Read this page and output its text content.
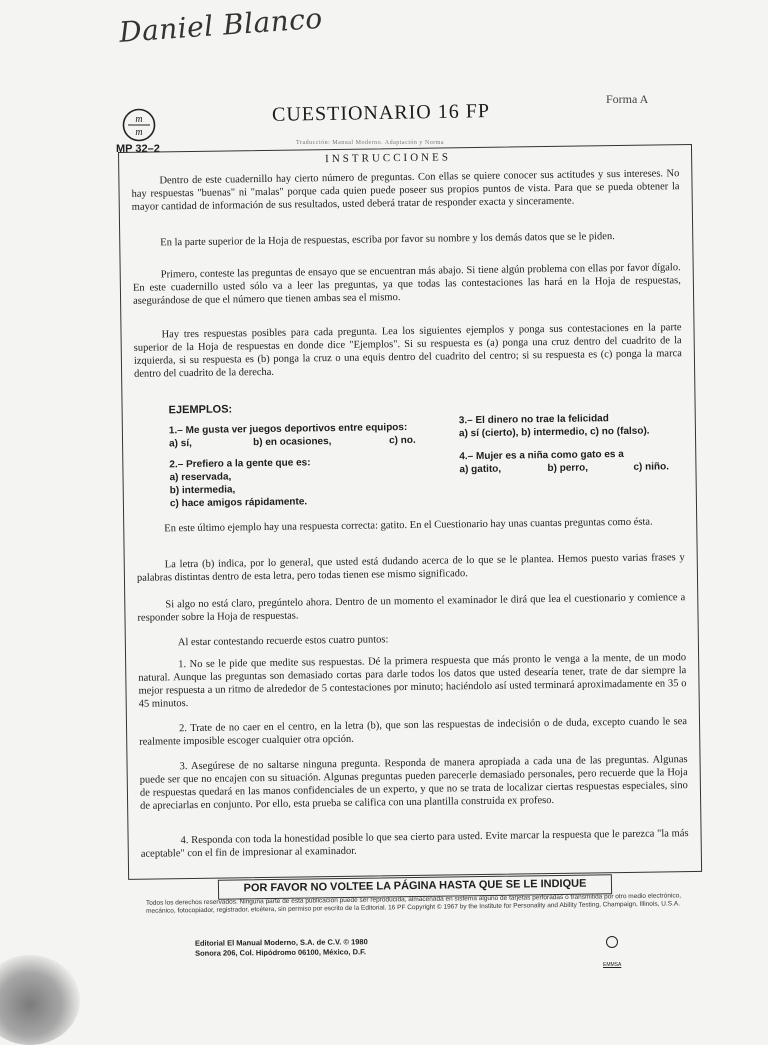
Daniel Blanco
m
m
MP 32–2
CUESTIONARIO 16 FP
Forma A
Traducción: Manual Moderno. Adaptación y Norma
INSTRUCCIONES

Dentro de este cuadernillo hay cierto número de preguntas. Con ellas se quiere conocer sus actitudes y sus intereses. No hay respuestas "buenas" ni "malas" porque cada quien puede poseer sus propios puntos de vista. Para que se pueda obtener la mayor cantidad de información de sus resultados, usted deberá tratar de responder exacta y sinceramente.

En la parte superior de la Hoja de respuestas, escriba por favor su nombre y los demás datos que se le piden.

Primero, conteste las preguntas de ensayo que se encuentran más abajo. Si tiene algún problema con ellas por favor dígalo. En este cuadernillo usted sólo va a leer las preguntas, ya que todas las contestaciones las hará en la Hoja de respuestas, asegurándose de que el número que tienen ambas sea el mismo.

Hay tres respuestas posibles para cada pregunta. Lea los siguientes ejemplos y ponga sus contestaciones en la parte superior de la Hoja de respuestas en donde dice "Ejemplos". Si su respuesta es (a) ponga una cruz dentro del cuadrito de la izquierda, si su respuesta es (b) ponga la cruz o una equis dentro del cuadrito del centro; si su respuesta es (c) ponga la marca dentro del cuadrito de la derecha.

EJEMPLOS:
1.– Me gusta ver juegos deportivos entre equipos:
a) sí,	b) en ocasiones,	c) no.
2.– Prefiero a la gente que es:
a) reservada,
b) intermedia,
c) hace amigos rápidamente.
3.– El dinero no trae la felicidad
a) sí (cierto), b) intermedio, c) no (falso).
4.– Mujer es a niña como gato es a
a) gatito,	b) perro,	c) niño.

En este último ejemplo hay una respuesta correcta: gatito. En el Cuestionario hay unas cuantas preguntas como ésta.

La letra (b) indica, por lo general, que usted está dudando acerca de lo que se le plantea. Hemos puesto varias frases y palabras distintas dentro de esta letra, pero todas tienen ese mismo significado.

Si algo no está claro, pregúntelo ahora. Dentro de un momento el examinador le dirá que lea el cuestionario y comience a responder sobre la Hoja de respuestas.

Al estar contestando recuerde estos cuatro puntos:

1. No se le pide que medite sus respuestas. Dé la primera respuesta que más pronto le venga a la mente, de un modo natural. Aunque las preguntas son demasiado cortas para darle todos los datos que usted desearía tener, trate de dar siempre la mejor respuesta a un ritmo de alrededor de 5 contestaciones por minuto; haciéndolo así usted terminará aproximadamente en 35 o 45 minutos.

2. Trate de no caer en el centro, en la letra (b), que son las respuestas de indecisión o de duda, excepto cuando le sea realmente imposible escoger cualquier otra opción.

3. Asegúrese de no saltarse ninguna pregunta. Responda de manera apropiada a cada una de las preguntas. Algunas puede ser que no encajen con su situación. Algunas preguntas pueden parecerle demasiado personales, pero recuerde que la Hoja de respuestas quedará en las manos confidenciales de un experto, y que no se trata de localizar ciertas respuestas especiales, sino de apreciarlas en conjunto. Por ello, esta prueba se califica con una plantilla construida ex profeso.

4. Responda con toda la honestidad posible lo que sea cierto para usted. Evite marcar la respuesta que le parezca "la más aceptable" con el fin de impresionar al examinador.

POR FAVOR NO VOLTEE LA PÁGINA HASTA QUE SE LE INDIQUE
Todos los derechos reservados. Ninguna parte de esta publicación puede ser reproducida, almacenada en sistema alguno de tarjetas perforadas o transmitida por otro medio electrónico, mecánico, fotocopiador, registrador, etcétera, sin permiso por escrito de la Editorial. 16 PF Copyright © 1967 by the Institute for Personality and Ability Testing, Champaign, Illinois, U.S.A.
Editorial El Manual Moderno, S.A. de C.V. © 1980
Sonora 206, Col. Hipódromo 06100, México, D.F.
EMMSA
